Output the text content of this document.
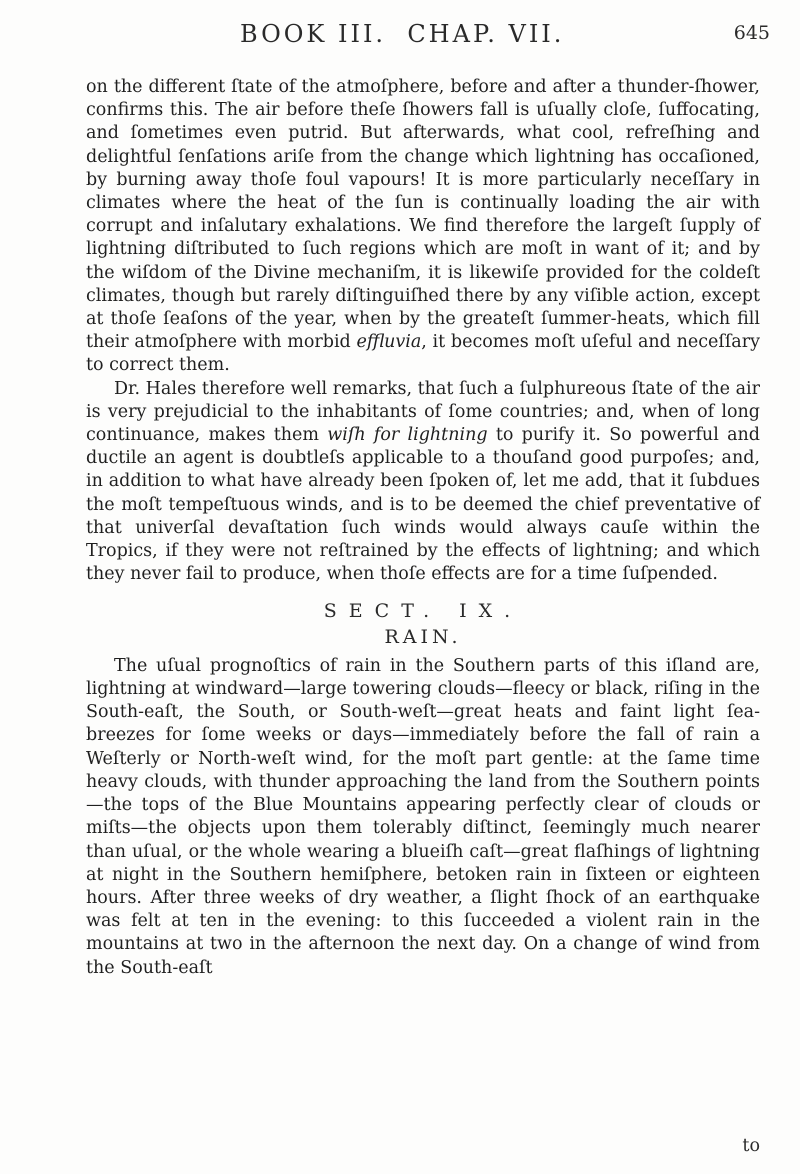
BOOK III.  CHAP. VII.	645

on the different ſtate of the atmoſphere, before and after a thunder-ſhower, confirms this. The air before theſe ſhowers fall is uſually cloſe, ſuffocating, and ſometimes even putrid. But afterwards, what cool, refreſhing and delightful ſenſations ariſe from the change which lightning has occaſioned, by burning away thoſe foul vapours! It is more particularly neceſſary in climates where the heat of the ſun is continually loading the air with corrupt and inſalutary exhalations. We find therefore the largeſt ſupply of lightning diſtributed to ſuch regions which are moſt in want of it; and by the wiſdom of the Divine mechaniſm, it is likewiſe provided for the coldeſt climates, though but rarely diſtinguiſhed there by any viſible action, except at thoſe ſeaſons of the year, when by the greateſt ſummer-heats, which fill their atmoſphere with morbid effluvia, it becomes moſt uſeful and neceſſary to correct them.

Dr. Hales therefore well remarks, that ſuch a ſulphureous ſtate of the air is very prejudicial to the inhabitants of ſome countries; and, when of long continuance, makes them wiſh for lightning to purify it. So powerful and ductile an agent is doubtleſs applicable to a thouſand good purpoſes; and, in addition to what have already been ſpoken of, let me add, that it ſubdues the moſt tempeſtuous winds, and is to be deemed the chief preventative of that univerſal devaſtation ſuch winds would always cauſe within the Tropics, if they were not reſtrained by the effects of lightning; and which they never fail to produce, when thoſe effects are for a time ſuſpended.

SECT. IX.
RAIN.

The uſual prognoſtics of rain in the Southern parts of this iſland are, lightning at windward—large towering clouds—fleecy or black, riſing in the South-eaſt, the South, or South-weſt—great heats and faint light ſea-breezes for ſome weeks or days—immediately before the fall of rain a Weſterly or North-weſt wind, for the moſt part gentle: at the ſame time heavy clouds, with thunder approaching the land from the Southern points—the tops of the Blue Mountains appearing perfectly clear of clouds or miſts—the objects upon them tolerably diſtinct, ſeemingly much nearer than uſual, or the whole wearing a blueiſh caſt—great flaſhings of lightning at night in the Southern hemiſphere, betoken rain in ſixteen or eighteen hours. After three weeks of dry weather, a ſlight ſhock of an earthquake was felt at ten in the evening: to this ſucceeded a violent rain in the mountains at two in the afternoon the next day. On a change of wind from the South-eaſt

to
